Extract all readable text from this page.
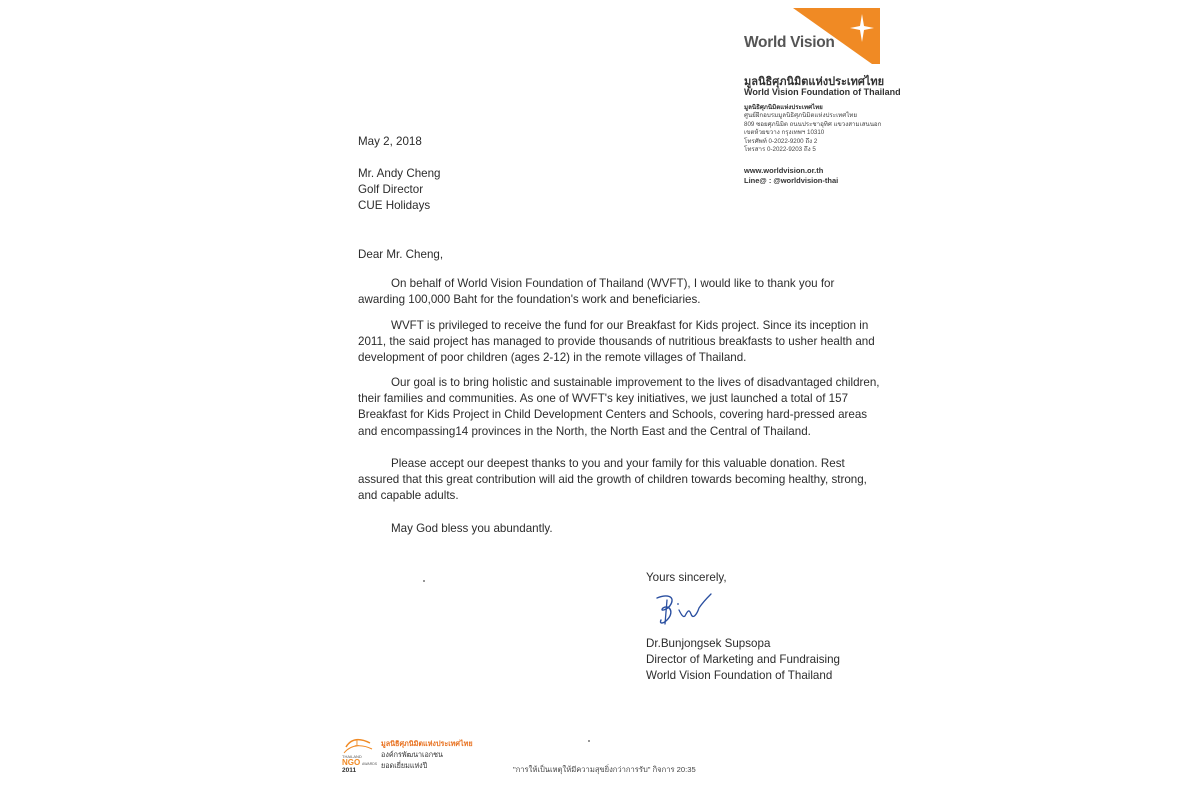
World Vision
มูลนิธิศุภนิมิตแห่งประเทศไทย
World Vision Foundation of Thailand
มูลนิธิศุภนิมิตแห่งประเทศไทย
ศูนย์ฝึกอบรมมูลนิธิศุภนิมิตแห่งประเทศไทย
809 ซอยศุภนิมิต ถนนประชาอุทิศ แขวงสามเสนนอก
เขตห้วยขวาง กรุงเทพฯ 10310
โทรศัพท์ 0-2022-9200 ถึง 2
โทรสาร 0-2022-9203 ถึง 5
www.worldvision.or.th
Line@ : @worldvision-thai
May 2, 2018
Mr. Andy Cheng
Golf Director
CUE Holidays
Dear Mr. Cheng,
On behalf of World Vision Foundation of Thailand (WVFT), I would like to thank you for
awarding 100,000 Baht for the foundation's work and beneficiaries.
WVFT is privileged to receive the fund for our Breakfast for Kids project. Since its inception in
2011, the said project has managed to provide thousands of nutritious breakfasts to usher health and
development of poor children (ages 2-12) in the remote villages of Thailand.
Our goal is to bring holistic and sustainable improvement to the lives of disadvantaged children,
their families and communities. As one of WVFT's key initiatives, we just launched a total of 157
Breakfast for Kids Project in Child Development Centers and Schools, covering hard-pressed areas
and encompassing14 provinces in the North, the North East and the Central of Thailand.
Please accept our deepest thanks to you and your family for this valuable donation. Rest
assured that this great contribution will aid the growth of children towards becoming healthy, strong,
and capable adults.
May God bless you abundantly.
Yours sincerely,
Dr.Bunjongsek Supsopa
Director of Marketing and Fundraising
World Vision Foundation of Thailand
1
THAILAND
NGO AWARDS
2011
มูลนิธิศุภนิมิตแห่งประเทศไทย
องค์กรพัฒนาเอกชน
ยอดเยี่ยมแห่งปี	"การให้เป็นเหตุให้มีความสุขยิ่งกว่าการรับ" กิจการ 20:35
